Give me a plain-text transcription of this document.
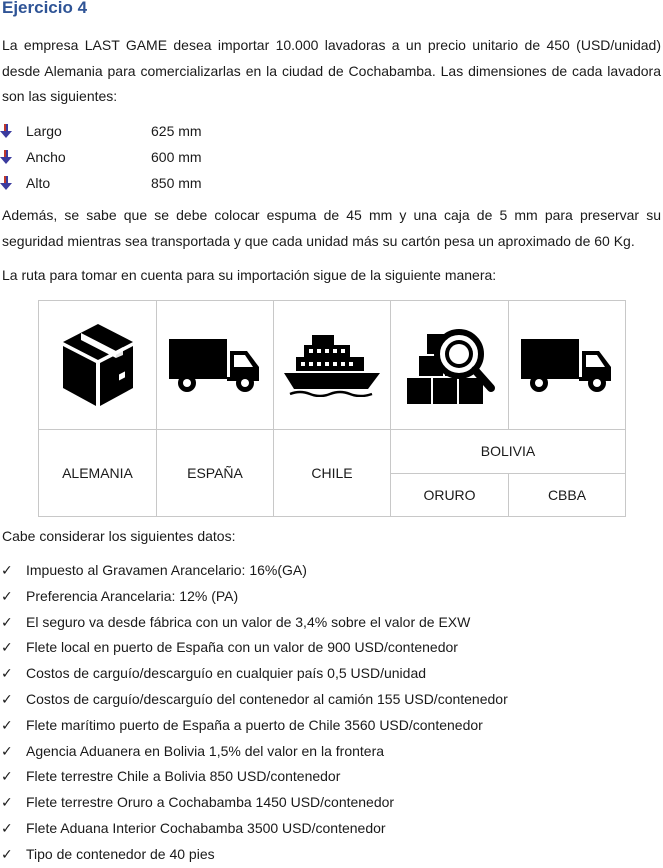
Ejercicio 4

La empresa LAST GAME desea importar 10.000 lavadoras a un precio unitario de 450 (USD/unidad) desde Alemania para comercializarlas en la ciudad de Cochabamba. Las dimensiones de cada lavadora son las siguientes:

Largo	625 mm
Ancho	600 mm
Alto	850 mm

Además, se sabe que se debe colocar espuma de 45 mm y una caja de 5 mm para preservar su seguridad mientras sea transportada y que cada unidad más su cartón pesa un aproximado de 60 Kg.

La ruta para tomar en cuenta para su importación sigue de la siguiente manera:

ALEMANIA	ESPAÑA	CHILE	BOLIVIA	
			ORURO	CBBA
Cabe considerar los siguientes datos:
✓ Impuesto al Gravamen Arancelario: 16%(GA)
✓ Preferencia Arancelaria: 12% (PA)
✓ El seguro va desde fábrica con un valor de 3,4% sobre el valor de EXW
✓ Flete local en puerto de España con un valor de 900 USD/contenedor
✓ Costos de carguío/descarguío en cualquier país 0,5 USD/unidad
✓ Costos de carguío/descarguío del contenedor al camión 155 USD/contenedor
✓ Flete marítimo puerto de España a puerto de Chile 3560 USD/contenedor
✓ Agencia Aduanera en Bolivia 1,5% del valor en la frontera
✓ Flete terrestre Chile a Bolivia 850 USD/contenedor
✓ Flete terrestre Oruro a Cochabamba 1450 USD/contenedor
✓ Flete Aduana Interior Cochabamba 3500 USD/contenedor
✓ Tipo de contenedor de 40 pies
